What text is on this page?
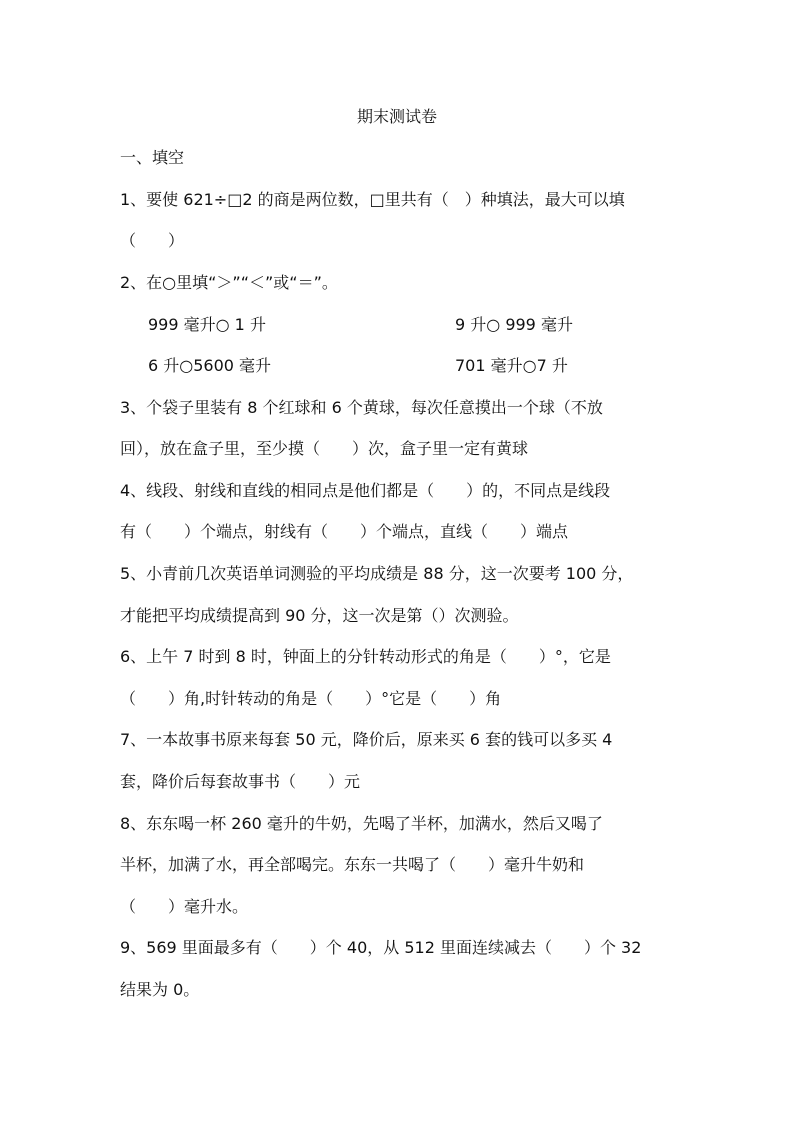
期末测试卷
一、填空
1、要使 621÷□2 的商是两位数，□里共有（　）种填法，最大可以填
（　　）
2、在○里填“＞”“＜”或“＝”。
999 毫升○ 1 升	9 升○ 999 毫升
6 升○5600 毫升	701 毫升○7 升
3、个袋子里装有 8 个红球和 6 个黄球，每次任意摸出一个球（不放
回），放在盒子里，至少摸（　　）次，盒子里一定有黄球
4、线段、射线和直线的相同点是他们都是（　　）的，不同点是线段
有（　　）个端点，射线有（　　）个端点，直线（　　）端点
5、小青前几次英语单词测验的平均成绩是 88 分，这一次要考 100 分，
才能把平均成绩提高到 90 分，这一次是第（）次测验。
6、上午 7 时到 8 时，钟面上的分针转动形式的角是（　　）°，它是
（　　）角,时针转动的角是（　　）°它是（　　）角
7、一本故事书原来每套 50 元，降价后，原来买 6 套的钱可以多买 4
套，降价后每套故事书（　　）元
8、东东喝一杯 260 毫升的牛奶，先喝了半杯，加满水，然后又喝了
半杯，加满了水，再全部喝完。东东一共喝了（　　）毫升牛奶和
（　　）毫升水。
9、569 里面最多有（　　）个 40，从 512 里面连续减去（　　）个 32
结果为 0。
